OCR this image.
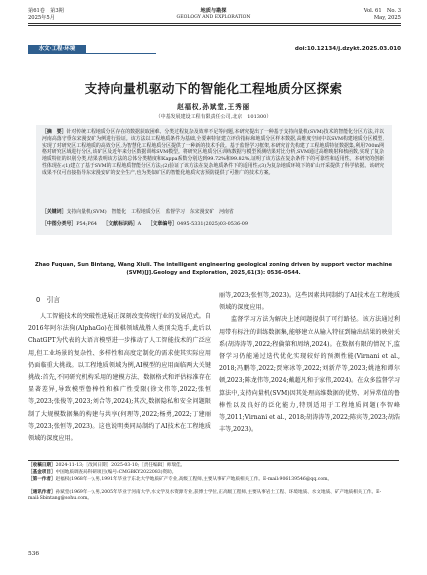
第61卷　第3期
2025年5月
地质与勘探
GEOLOGY AND EXPLORATION
Vol. 61　No. 3
May, 2025
水文·工程·环境	doi:10.12134/j.dzykt.2025.03.010
支持向量机驱动下的智能化工程地质分区探索
赵福权,孙斌堂,王秀丽
（中基发展建设工程有限责任公司,北京　101300）
［摘　要］针对传统工程地质分区存在的数据获取困难、分类过程复杂及效率不足等问题,本研究提出了一种基于支持向量机(SVM)技术的智能化分区方法,并以河南高落守垂东宋漫安矿为例进行验证。该方法以工程地质条件为基础,全要素特征建立评价指标和地质分区样本数据,高维度空间中以SVM构建地质分区模型,实现了对研究区工程地质的高效分区,为智慧化工程地质分区提供了一种新的技术手段。基于监督学习框架,本研究首先构建了工程地质特征数据集,利用700m网格对研究区域进行分区,该矿区及近年来分区数据训练SVM模型。将研究区地质分区训练数据与模型预测结果对比分析,SVM通过高维映射和核函数,实现了复杂地质特征的识别分类,结果表明该方法的总体分类精度和Kappa系数分别达到99.72%和99.82%,证明了该方法在复杂条件下的可靠性和适用性。本研究的创新性体现在:(1)建立了基于SVM的工程地质智能分区方法;(2)验证了该方法在复杂地质条件下的适用性;(3)为复杂地质环境下的矿山开采提供了科学依据。该研究成果不仅可直接指导东宋漫安矿的安全生产,也为类似矿区的智能化地质灾害预防提供了可推广的技术方案。
［关键词］支持向量机(SVM)　智能化　工程地质分区　监督学习　东宋漫安矿　河南省
［中图分类号］P54;P64　 ［文献标识码］A　 ［文章编号］0495-5331(2025)03-0536-09
Zhao Fuquan, Sun Bintang, Wang Xiuli. The intelligent engineering geological zoning driven by support vector machine (SVM)[J].Geology and Exploration, 2025,61(3): 0536-0544.
0　引言
人工智能技术的突破性进展正深刻改变传统行业的发展范式。自2016年阿尔法狗(AlphaGo)在围棋领域战胜人类顶尖选手,此后以ChatGPT为代表的大语言模型进一步推动了人工智能技术的广泛应用,但工业场景的复杂性、多样性和高度定制化的需求使其实际应用仍面临重大挑战。以工程地质领域为例,AI模型的应用面临两大关键挑战:首先,不同研究机构采用的建模方法、数据格式和评估标准存在显著差异,导致模型鲁棒性和推广性受限(徐文伟等,2022;张恒等,2023;张俊等,2023;刘合等,2024);其次,数据隐私和安全问题限制了大规模数据集的构建与共享(何理等,2022;杨勇,2022;丁建丽等,2023;张恒等,2023)。这也说明类同局制约了AI技术在工程地质领域的深度应用。
丽等,2023;张恒等,2023)。这些因素共同制约了AI技术在工程地质领域的深度应用。
监督学习方法为解决上述问题提供了可行路径。该方法通过利用带有标注的训练数据集,能够建立从输入特征到输出结果的映射关系(胡涛涛等,2022;程倫第和周纳,2024)。在数据有限的情况下,监督学习仍能通过迭代优化实现较好的预测性能(Virnani et al., 2018;冯鹏等,2022;贾寒冰等,2022;刘新芹等,2023;姚池和谭尔顿,2023;陈龙伟等,2024;戴超凡和于家伟,2024)。在众多监督学习算法中,支持向量机(SVM)因其处理高维数据的优势、对异常值的鲁棒性以及良好的泛化能力,特别适用于工程地质问题(李智峰等,2011;Virnani et al., 2018;胡涛涛等,2022;陈宾等,2023;胡浩丰等,2023)。
［收稿日期］2024-11-13;［改回日期］2025-03-10;［责任编辑］师瑞佳。
［基金项目］中国地质调查局科研项目(编号:CMGBKY2022083)资助。
［第一作者］赵福权(1968年一),男,1991年毕业于东北大学地质矿产专业,高级工程师,主要从事矿产地质相关工作。E-mail:906139546@qq.com。
［通讯作者］孙斌堂(1969年一),男,2005年毕业于河南大学,水文学及水资源专业,获博士学位,正高级工程师,主要从事岩土工程、环境地质、水文地质、矿产地质相关工作。E-mail:Sbintang@sohu.com。
536
